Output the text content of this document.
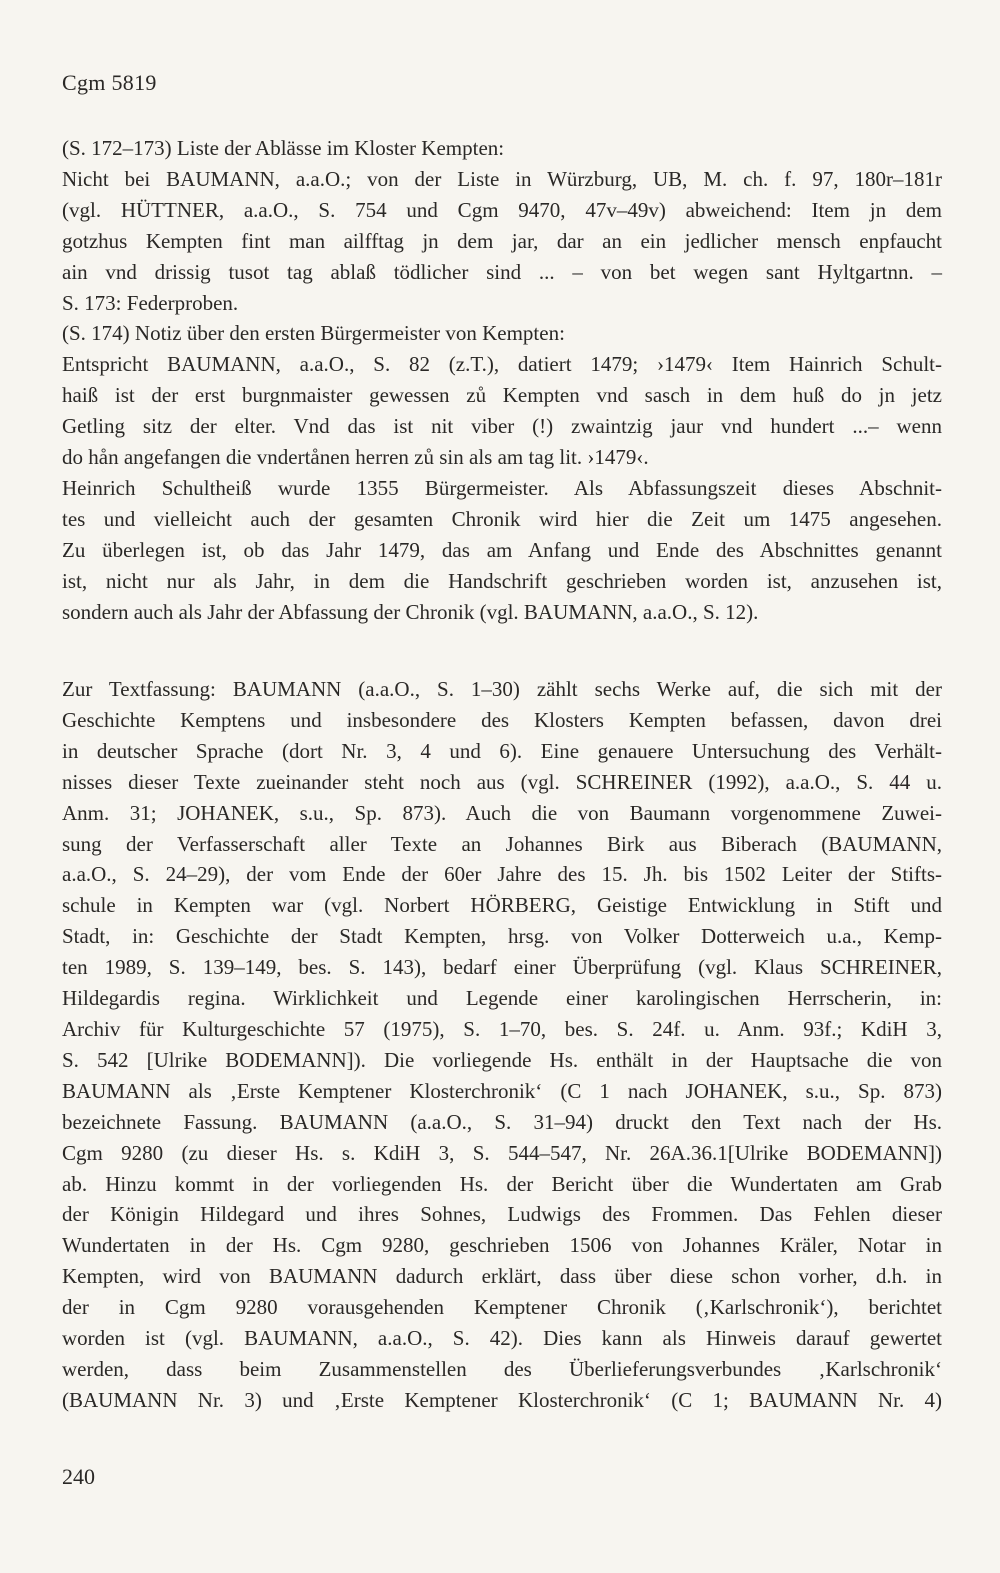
Cgm 5819
(S. 172–173) Liste der Ablässe im Kloster Kempten:
Nicht bei BAUMANN, a.a.O.; von der Liste in Würzburg, UB, M. ch. f. 97, 180r–181r
(vgl. HÜTTNER, a.a.O., S. 754 und Cgm 9470, 47v–49v) abweichend: Item jn dem
gotzhus Kempten fint man ailfftag jn dem jar, dar an ein jedlicher mensch enpfaucht
ain vnd drissig tusot tag ablaß tödlicher sind ... – von bet wegen sant Hyltgartnn. –
S. 173: Federproben.
(S. 174) Notiz über den ersten Bürgermeister von Kempten:
Entspricht BAUMANN, a.a.O., S. 82 (z.T.), datiert 1479; ›1479‹ Item Hainrich Schult-
haiß ist der erst burgnmaister gewessen zů Kempten vnd sasch in dem huß do jn jetz
Getling sitz der elter. Vnd das ist nit viber (!) zwaintzig jaur vnd hundert ...– wenn
do hån angefangen die vndertånen herren zů sin als am tag lit. ›1479‹.
Heinrich Schultheiß wurde 1355 Bürgermeister. Als Abfassungszeit dieses Abschnit-
tes und vielleicht auch der gesamten Chronik wird hier die Zeit um 1475 angesehen.
Zu überlegen ist, ob das Jahr 1479, das am Anfang und Ende des Abschnittes genannt
ist, nicht nur als Jahr, in dem die Handschrift geschrieben worden ist, anzusehen ist,
sondern auch als Jahr der Abfassung der Chronik (vgl. BAUMANN, a.a.O., S. 12).
Zur Textfassung: BAUMANN (a.a.O., S. 1–30) zählt sechs Werke auf, die sich mit der
Geschichte Kemptens und insbesondere des Klosters Kempten befassen, davon drei
in deutscher Sprache (dort Nr. 3, 4 und 6). Eine genauere Untersuchung des Verhält-
nisses dieser Texte zueinander steht noch aus (vgl. SCHREINER (1992), a.a.O., S. 44 u.
Anm. 31; JOHANEK, s.u., Sp. 873). Auch die von Baumann vorgenommene Zuwei-
sung der Verfasserschaft aller Texte an Johannes Birk aus Biberach (BAUMANN,
a.a.O., S. 24–29), der vom Ende der 60er Jahre des 15. Jh. bis 1502 Leiter der Stifts-
schule in Kempten war (vgl. Norbert HÖRBERG, Geistige Entwicklung in Stift und
Stadt, in: Geschichte der Stadt Kempten, hrsg. von Volker Dotterweich u.a., Kemp-
ten 1989, S. 139–149, bes. S. 143), bedarf einer Überprüfung (vgl. Klaus SCHREINER,
Hildegardis regina. Wirklichkeit und Legende einer karolingischen Herrscherin, in:
Archiv für Kulturgeschichte 57 (1975), S. 1–70, bes. S. 24f. u. Anm. 93f.; KdiH 3,
S. 542 [Ulrike BODEMANN]). Die vorliegende Hs. enthält in der Hauptsache die von
BAUMANN als ‚Erste Kemptener Klosterchronik‘ (C 1 nach JOHANEK, s.u., Sp. 873)
bezeichnete Fassung. BAUMANN (a.a.O., S. 31–94) druckt den Text nach der Hs.
Cgm 9280 (zu dieser Hs. s. KdiH 3, S. 544–547, Nr. 26A.36.1[Ulrike BODEMANN])
ab. Hinzu kommt in der vorliegenden Hs. der Bericht über die Wundertaten am Grab
der Königin Hildegard und ihres Sohnes, Ludwigs des Frommen. Das Fehlen dieser
Wundertaten in der Hs. Cgm 9280, geschrieben 1506 von Johannes Kräler, Notar in
Kempten, wird von BAUMANN dadurch erklärt, dass über diese schon vorher, d.h. in
der in Cgm 9280 vorausgehenden Kemptener Chronik (‚Karlschronik‘), berichtet
worden ist (vgl. BAUMANN, a.a.O., S. 42). Dies kann als Hinweis darauf gewertet
werden, dass beim Zusammenstellen des Überlieferungsverbundes ‚Karlschronik‘
(BAUMANN Nr. 3) und ‚Erste Kemptener Klosterchronik‘ (C 1; BAUMANN Nr. 4)
240
